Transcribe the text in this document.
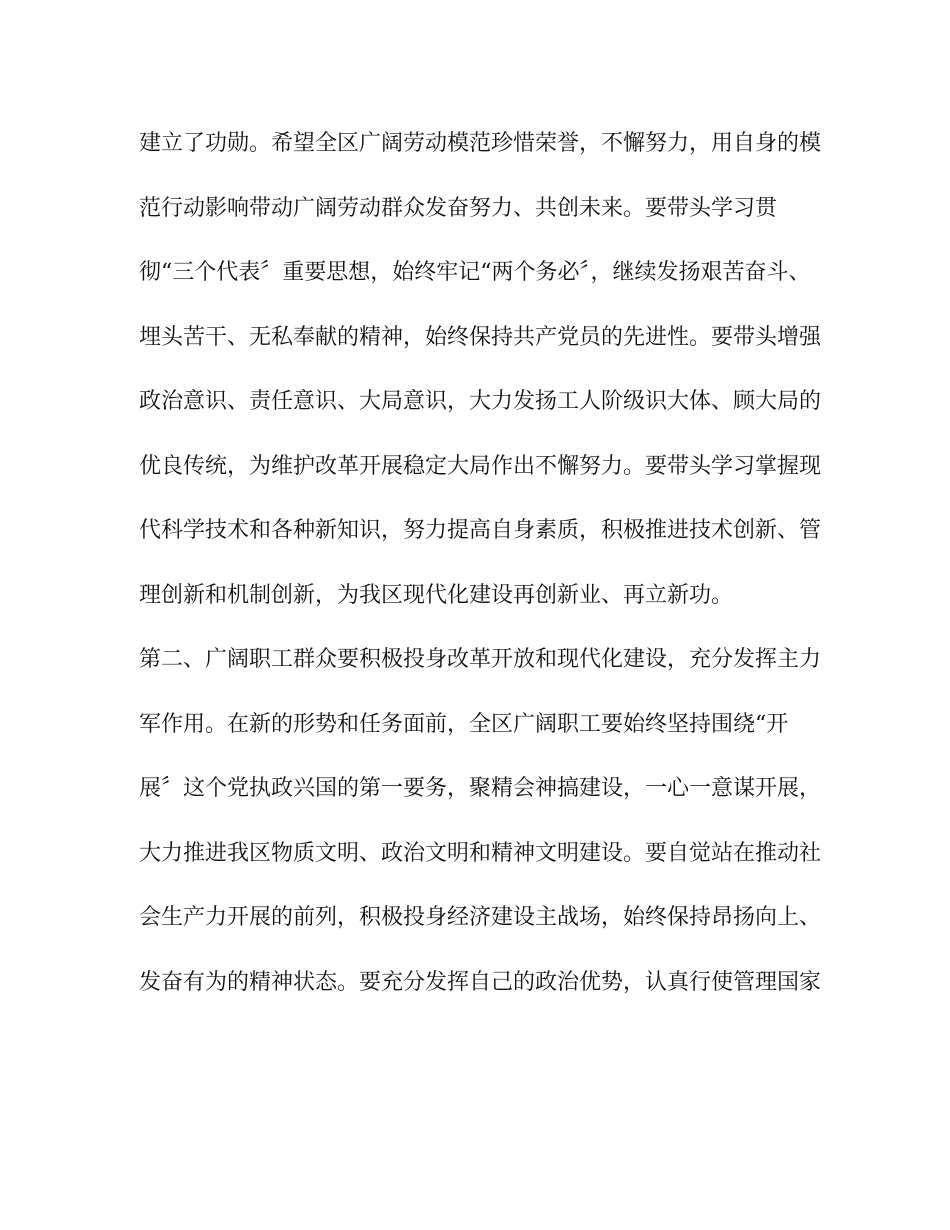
建立了功勋。希望全区广阔劳动模范珍惜荣誉，不懈努力，用自身的模
范行动影响带动广阔劳动群众发奋努力、共创未来。要带头学习贯
彻“三个代表〞重要思想，始终牢记“两个务必〞，继续发扬艰苦奋斗、
埋头苦干、无私奉献的精神，始终保持共产党员的先进性。要带头增强
政治意识、责任意识、大局意识，大力发扬工人阶级识大体、顾大局的
优良传统，为维护改革开展稳定大局作出不懈努力。要带头学习掌握现
代科学技术和各种新知识，努力提高自身素质，积极推进技术创新、管
理创新和机制创新，为我区现代化建设再创新业、再立新功。
第二、广阔职工群众要积极投身改革开放和现代化建设，充分发挥主力
军作用。在新的形势和任务面前，全区广阔职工要始终坚持围绕“开
展〞这个党执政兴国的第一要务，聚精会神搞建设，一心一意谋开展，
大力推进我区物质文明、政治文明和精神文明建设。要自觉站在推动社
会生产力开展的前列，积极投身经济建设主战场，始终保持昂扬向上、
发奋有为的精神状态。要充分发挥自己的政治优势，认真行使管理国家
